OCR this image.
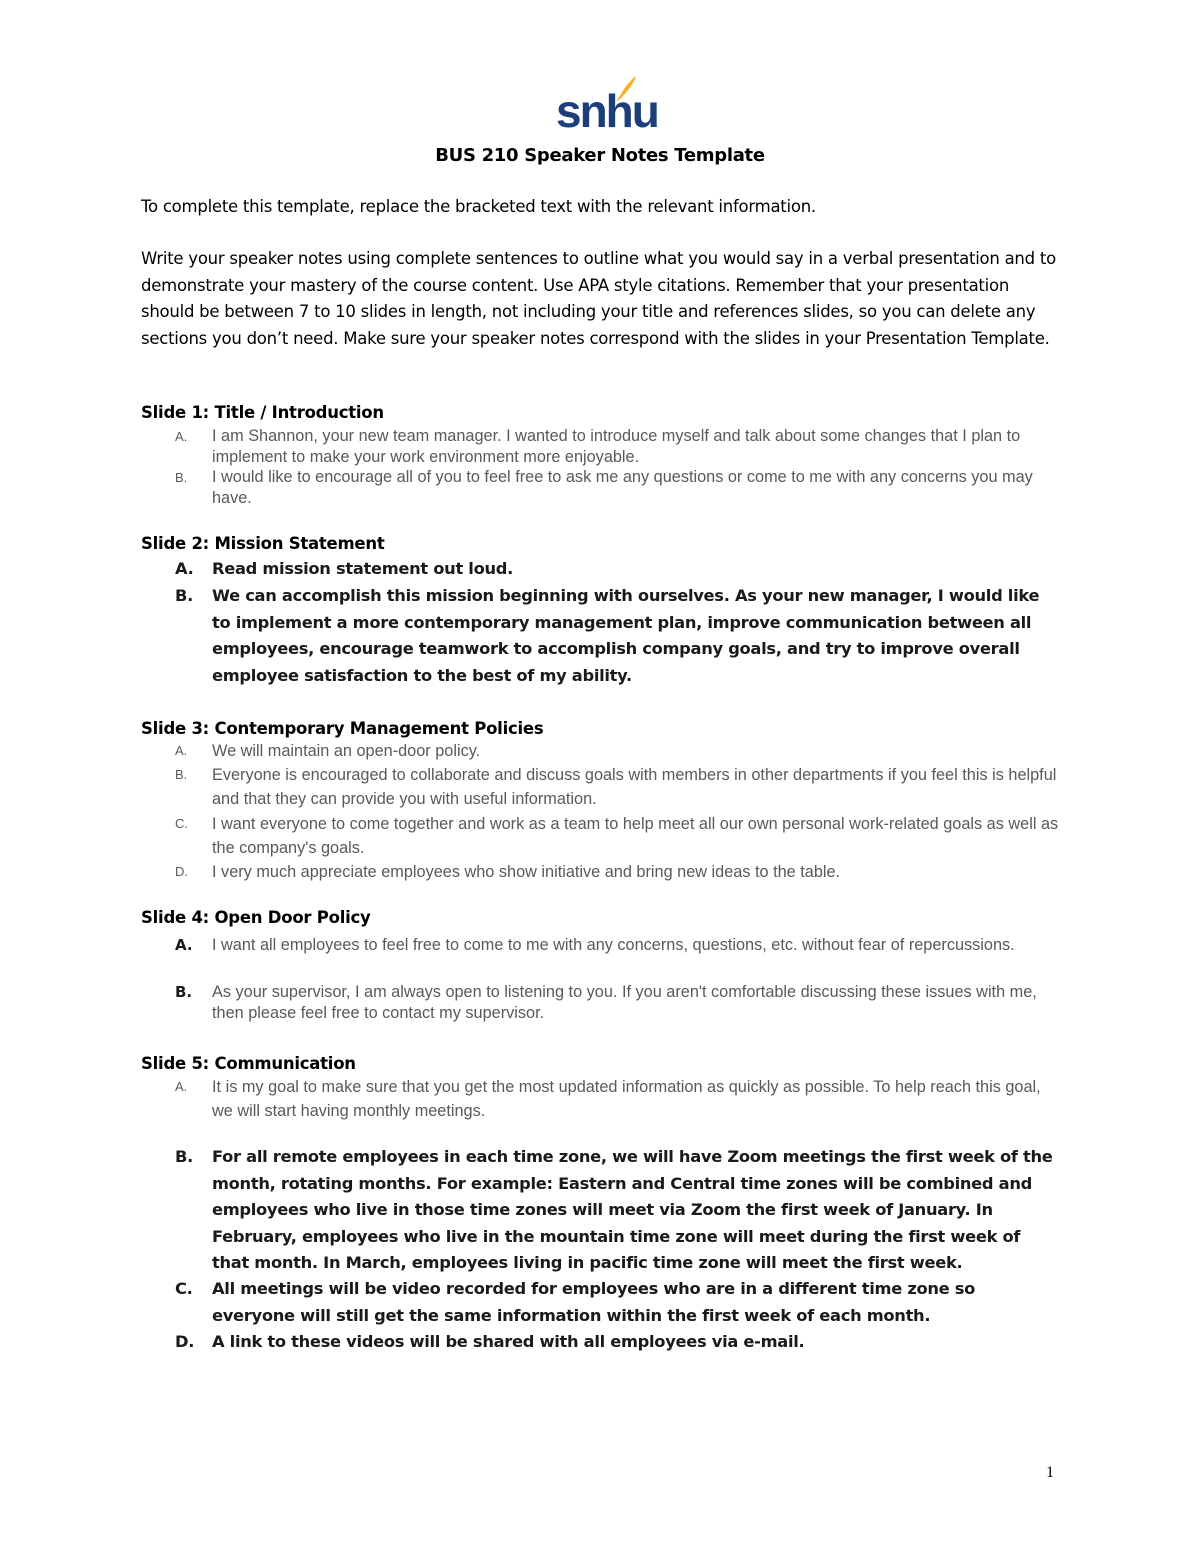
snhu
BUS 210 Speaker Notes Template
To complete this template, replace the bracketed text with the relevant information.
Write your speaker notes using complete sentences to outline what you would say in a verbal presentation and to demonstrate your mastery of the course content. Use APA style citations. Remember that your presentation should be between 7 to 10 slides in length, not including your title and references slides, so you can delete any sections you don’t need. Make sure your speaker notes correspond with the slides in your Presentation Template.
Slide 1: Title / Introduction
A. I am Shannon, your new team manager. I wanted to introduce myself and talk about some changes that I plan to implement to make your work environment more enjoyable.
B. I would like to encourage all of you to feel free to ask me any questions or come to me with any concerns you may have.
Slide 2: Mission Statement
A. Read mission statement out loud.
B. We can accomplish this mission beginning with ourselves. As your new manager, I would like to implement a more contemporary management plan, improve communication between all employees, encourage teamwork to accomplish company goals, and try to improve overall employee satisfaction to the best of my ability.
Slide 3: Contemporary Management Policies
A. We will maintain an open-door policy.
B. Everyone is encouraged to collaborate and discuss goals with members in other departments if you feel this is helpful and that they can provide you with useful information.
C. I want everyone to come together and work as a team to help meet all our own personal work-related goals as well as the company's goals.
D. I very much appreciate employees who show initiative and bring new ideas to the table.
Slide 4: Open Door Policy
A. I want all employees to feel free to come to me with any concerns, questions, etc. without fear of repercussions.
B. As your supervisor, I am always open to listening to you. If you aren't comfortable discussing these issues with me, then please feel free to contact my supervisor.
Slide 5: Communication
A. It is my goal to make sure that you get the most updated information as quickly as possible. To help reach this goal, we will start having monthly meetings.
B. For all remote employees in each time zone, we will have Zoom meetings the first week of the month, rotating months. For example: Eastern and Central time zones will be combined and employees who live in those time zones will meet via Zoom the first week of January. In February, employees who live in the mountain time zone will meet during the first week of that month. In March, employees living in pacific time zone will meet the first week.
C. All meetings will be video recorded for employees who are in a different time zone so everyone will still get the same information within the first week of each month.
D. A link to these videos will be shared with all employees via e-mail.
1
